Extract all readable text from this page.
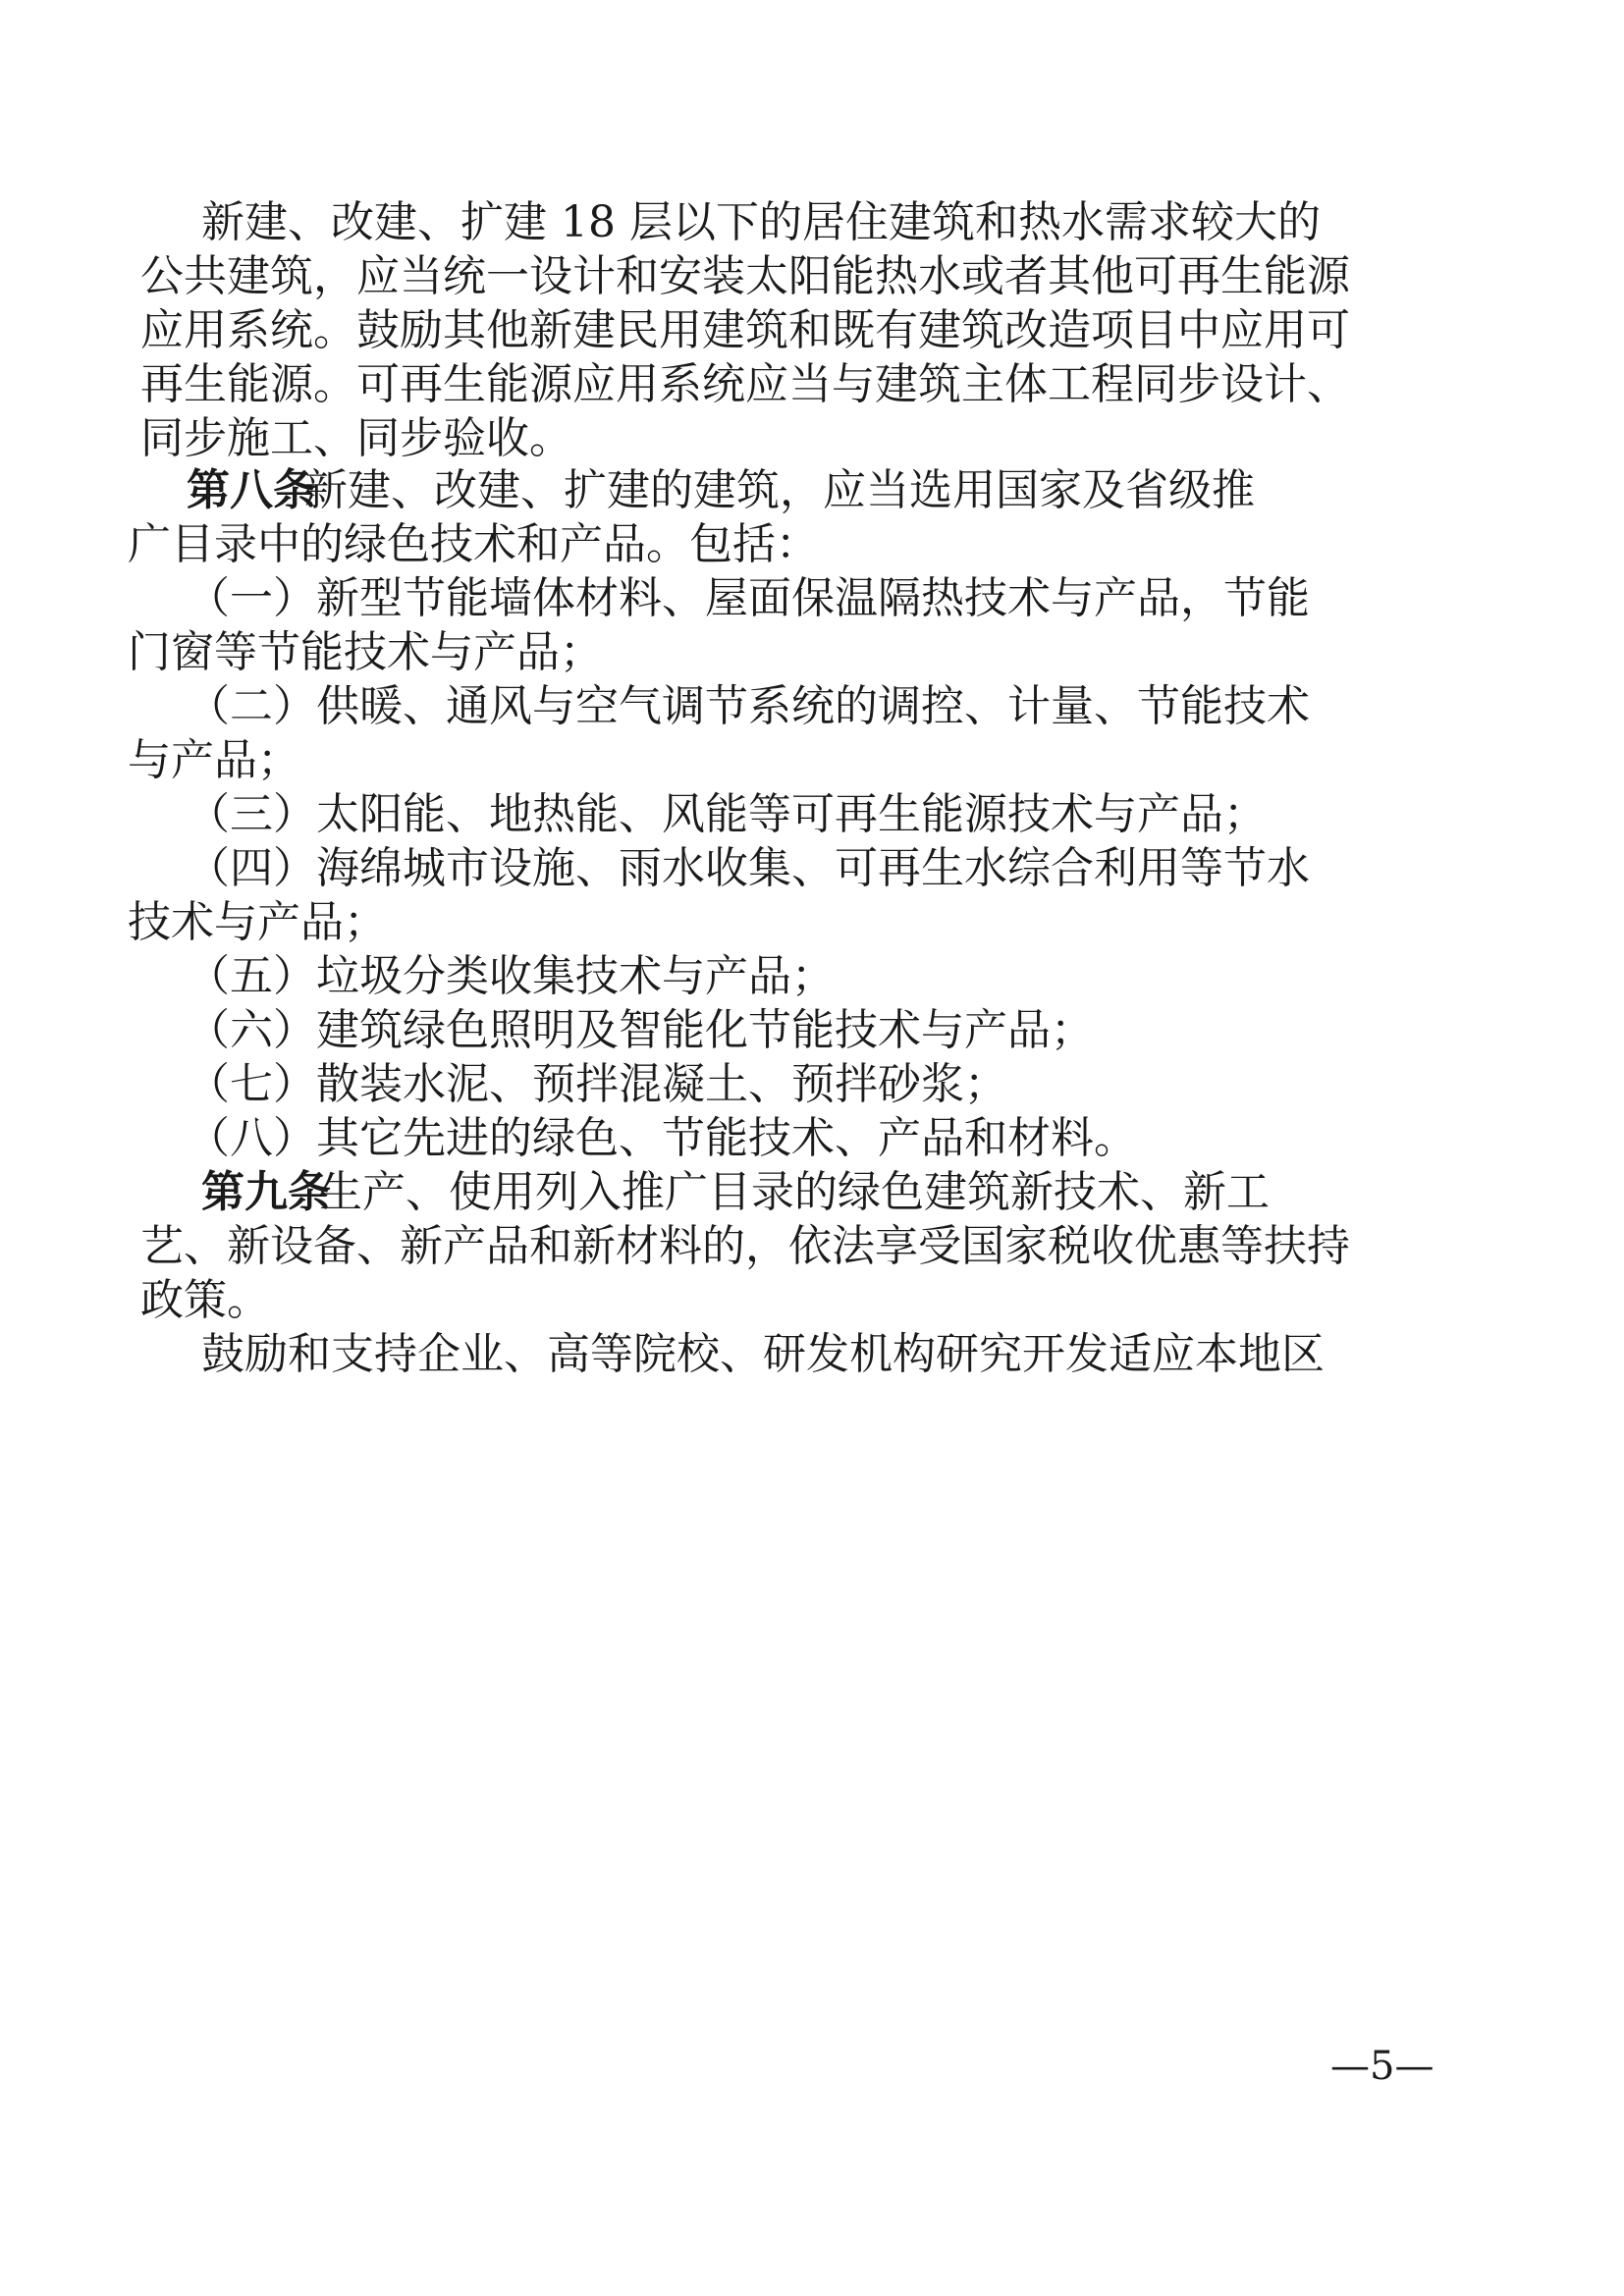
新建、改建、扩建 18 层以下的居住建筑和热水需求较大的
公共建筑，应当统一设计和安装太阳能热水或者其他可再生能源
应用系统。鼓励其他新建民用建筑和既有建筑改造项目中应用可
再生能源。可再生能源应用系统应当与建筑主体工程同步设计、
同步施工、同步验收。
第八条
新建、改建、扩建的建筑，应当选用国家及省级推
广目录中的绿色技术和产品。包括：
（一）新型节能墙体材料、屋面保温隔热技术与产品，节能
门窗等节能技术与产品；
（二）供暖、通风与空气调节系统的调控、计量、节能技术
与产品；
（三）太阳能、地热能、风能等可再生能源技术与产品；
（四）海绵城市设施、雨水收集、可再生水综合利用等节水
技术与产品；
（五）垃圾分类收集技术与产品；
（六）建筑绿色照明及智能化节能技术与产品；
（七）散装水泥、预拌混凝土、预拌砂浆；
（八）其它先进的绿色、节能技术、产品和材料。
第九条
生产、使用列入推广目录的绿色建筑新技术、新工
艺、新设备、新产品和新材料的，依法享受国家税收优惠等扶持
政策。
鼓励和支持企业、高等院校、研发机构研究开发适应本地区
—5—
